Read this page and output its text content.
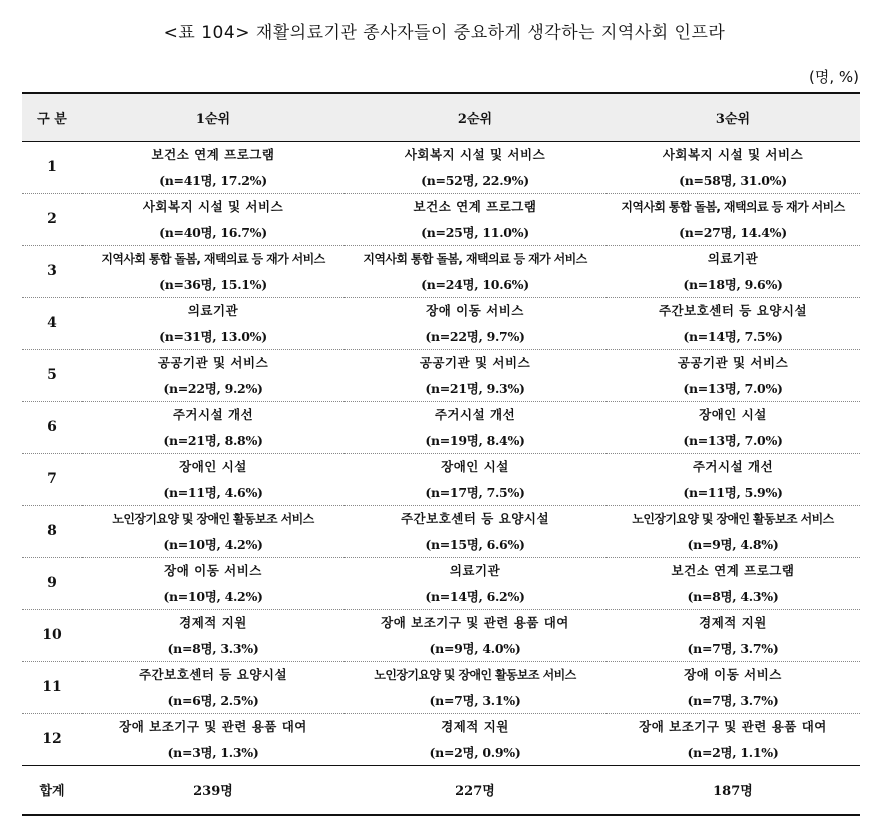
<표 104> 재활의료기관 종사자들이 중요하게 생각하는 지역사회 인프라
(명, %)
구 분	1순위	2순위	3순위
1	보건소 연계 프로그램	사회복지 시설 및 서비스	사회복지 시설 및 서비스
	(n=41명, 17.2%)	(n=52명, 22.9%)	(n=58명, 31.0%)
2	사회복지 시설 및 서비스	보건소 연계 프로그램	지역사회 통합 돌봄, 재택의료 등 재가 서비스
	(n=40명, 16.7%)	(n=25명, 11.0%)	(n=27명, 14.4%)
3	지역사회 통합 돌봄, 재택의료 등 재가 서비스	지역사회 통합 돌봄, 재택의료 등 재가 서비스	의료기관
	(n=36명, 15.1%)	(n=24명, 10.6%)	(n=18명, 9.6%)
4	의료기관	장애 이동 서비스	주간보호센터 등 요양시설
	(n=31명, 13.0%)	(n=22명, 9.7%)	(n=14명, 7.5%)
5	공공기관 및 서비스	공공기관 및 서비스	공공기관 및 서비스
	(n=22명, 9.2%)	(n=21명, 9.3%)	(n=13명, 7.0%)
6	주거시설 개선	주거시설 개선	장애인 시설
	(n=21명, 8.8%)	(n=19명, 8.4%)	(n=13명, 7.0%)
7	장애인 시설	장애인 시설	주거시설 개선
	(n=11명, 4.6%)	(n=17명, 7.5%)	(n=11명, 5.9%)
8	노인장기요양 및 장애인 활동보조 서비스	주간보호센터 등 요양시설	노인장기요양 및 장애인 활동보조 서비스
	(n=10명, 4.2%)	(n=15명, 6.6%)	(n=9명, 4.8%)
9	장애 이동 서비스	의료기관	보건소 연계 프로그램
	(n=10명, 4.2%)	(n=14명, 6.2%)	(n=8명, 4.3%)
10	경제적 지원	장애 보조기구 및 관련 용품 대여	경제적 지원
	(n=8명, 3.3%)	(n=9명, 4.0%)	(n=7명, 3.7%)
11	주간보호센터 등 요양시설	노인장기요양 및 장애인 활동보조 서비스	장애 이동 서비스
	(n=6명, 2.5%)	(n=7명, 3.1%)	(n=7명, 3.7%)
12	장애 보조기구 및 관련 용품 대여	경제적 지원	장애 보조기구 및 관련 용품 대여
	(n=3명, 1.3%)	(n=2명, 0.9%)	(n=2명, 1.1%)
합계	239명	227명	187명
